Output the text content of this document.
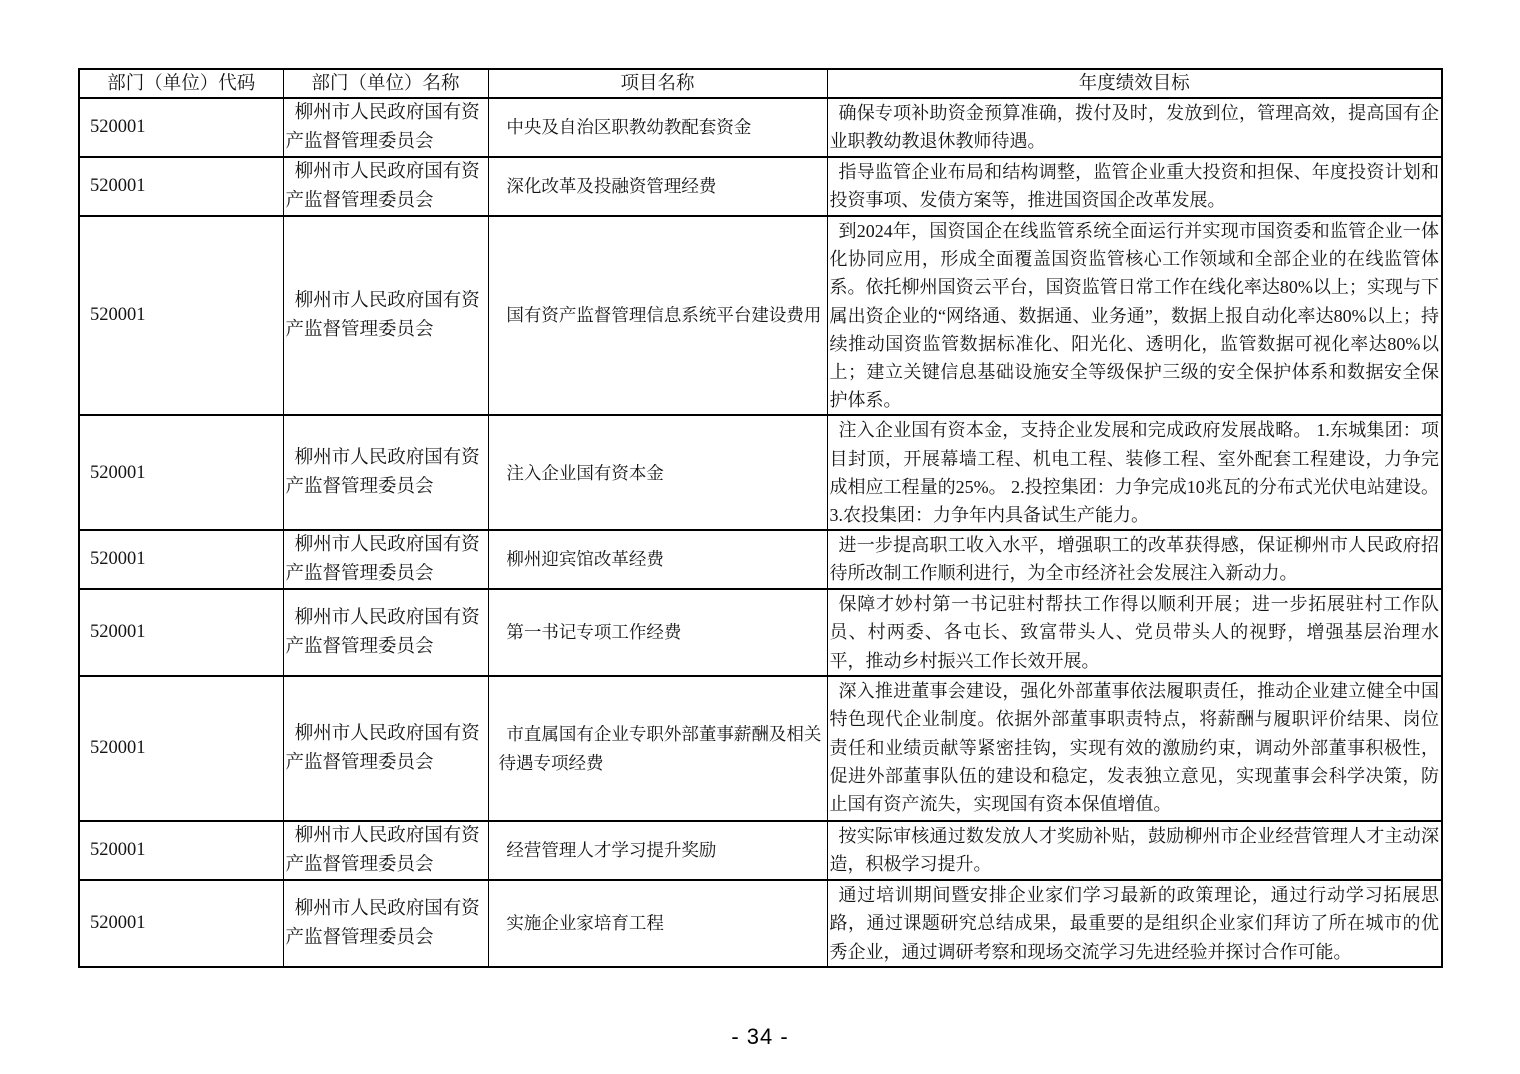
部门（单位）代码	部门（单位）名称	项目名称	年度绩效目标
520001	柳州市人民政府国有资产监督管理委员会	中央及自治区职教幼教配套资金	确保专项补助资金预算准确，拨付及时，发放到位，管理高效，提高国有企业职教幼教退休教师待遇。
520001	柳州市人民政府国有资产监督管理委员会	深化改革及投融资管理经费	指导监管企业布局和结构调整，监管企业重大投资和担保、年度投资计划和投资事项、发债方案等，推进国资国企改革发展。
520001	柳州市人民政府国有资产监督管理委员会	国有资产监督管理信息系统平台建设费用	到2024年，国资国企在线监管系统全面运行并实现市国资委和监管企业一体化协同应用，形成全面覆盖国资监管核心工作领域和全部企业的在线监管体系。依托柳州国资云平台，国资监管日常工作在线化率达80%以上；实现与下属出资企业的“网络通、数据通、业务通”，数据上报自动化率达80%以上；持续推动国资监管数据标准化、阳光化、透明化，监管数据可视化率达80%以上；建立关键信息基础设施安全等级保护三级的安全保护体系和数据安全保护体系。
520001	柳州市人民政府国有资产监督管理委员会	注入企业国有资本金	注入企业国有资本金，支持企业发展和完成政府发展战略。 1.东城集团：项目封顶，开展幕墙工程、机电工程、装修工程、室外配套工程建设，力争完成相应工程量的25%。 2.投控集团：力争完成10兆瓦的分布式光伏电站建设。 3.农投集团：力争年内具备试生产能力。
520001	柳州市人民政府国有资产监督管理委员会	柳州迎宾馆改革经费	进一步提高职工收入水平，增强职工的改革获得感，保证柳州市人民政府招待所改制工作顺利进行，为全市经济社会发展注入新动力。
520001	柳州市人民政府国有资产监督管理委员会	第一书记专项工作经费	保障才妙村第一书记驻村帮扶工作得以顺利开展；进一步拓展驻村工作队员、村两委、各屯长、致富带头人、党员带头人的视野，增强基层治理水平，推动乡村振兴工作长效开展。
520001	柳州市人民政府国有资产监督管理委员会	市直属国有企业专职外部董事薪酬及相关待遇专项经费	深入推进董事会建设，强化外部董事依法履职责任，推动企业建立健全中国特色现代企业制度。依据外部董事职责特点，将薪酬与履职评价结果、岗位责任和业绩贡献等紧密挂钩，实现有效的激励约束，调动外部董事积极性，促进外部董事队伍的建设和稳定，发表独立意见，实现董事会科学决策，防止国有资产流失，实现国有资本保值增值。
520001	柳州市人民政府国有资产监督管理委员会	经营管理人才学习提升奖励	按实际审核通过数发放人才奖励补贴，鼓励柳州市企业经营管理人才主动深造，积极学习提升。
520001	柳州市人民政府国有资产监督管理委员会	实施企业家培育工程	通过培训期间暨安排企业家们学习最新的政策理论，通过行动学习拓展思路，通过课题研究总结成果，最重要的是组织企业家们拜访了所在城市的优秀企业，通过调研考察和现场交流学习先进经验并探讨合作可能。
- 34 -
